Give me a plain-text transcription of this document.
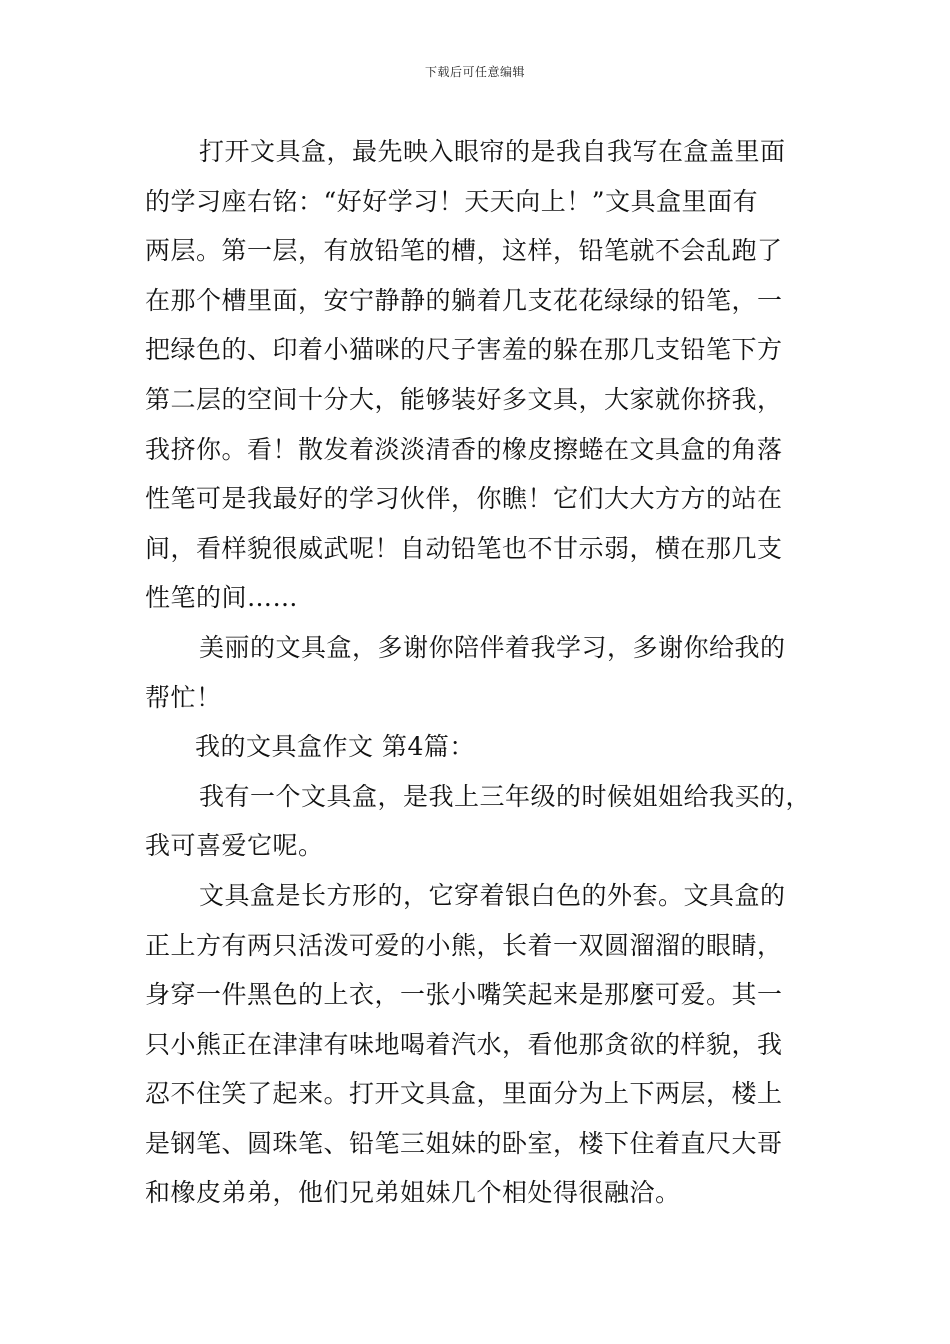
下载后可任意编辑
打开文具盒，最先映入眼帘的是我自我写在盒盖里面
的学习座右铭：“好好学习！天天向上！”文具盒里面有
两层。第一层，有放铅笔的槽，这样，铅笔就不会乱跑了
在那个槽里面，安宁静静的躺着几支花花绿绿的铅笔，一
把绿色的、印着小猫咪的尺子害羞的躲在那几支铅笔下方
第二层的空间十分大，能够装好多文具，大家就你挤我，
我挤你。看！散发着淡淡清香的橡皮擦蜷在文具盒的角落
性笔可是我最好的学习伙伴，你瞧！它们大大方方的站在
间，看样貌很威武呢！自动铅笔也不甘示弱，横在那几支
性笔的间……
美丽的文具盒，多谢你陪伴着我学习，多谢你给我的
帮忙！
我的文具盒作文 第4篇：
我有一个文具盒，是我上三年级的时候姐姐给我买的，
我可喜爱它呢。
文具盒是长方形的，它穿着银白色的外套。文具盒的
正上方有两只活泼可爱的小熊，长着一双圆溜溜的眼睛，
身穿一件黑色的上衣，一张小嘴笑起来是那麼可爱。其一
只小熊正在津津有味地喝着汽水，看他那贪欲的样貌，我
忍不住笑了起来。打开文具盒，里面分为上下两层，楼上
是钢笔、圆珠笔、铅笔三姐妹的卧室，楼下住着直尺大哥
和橡皮弟弟，他们兄弟姐妹几个相处得很融洽。
